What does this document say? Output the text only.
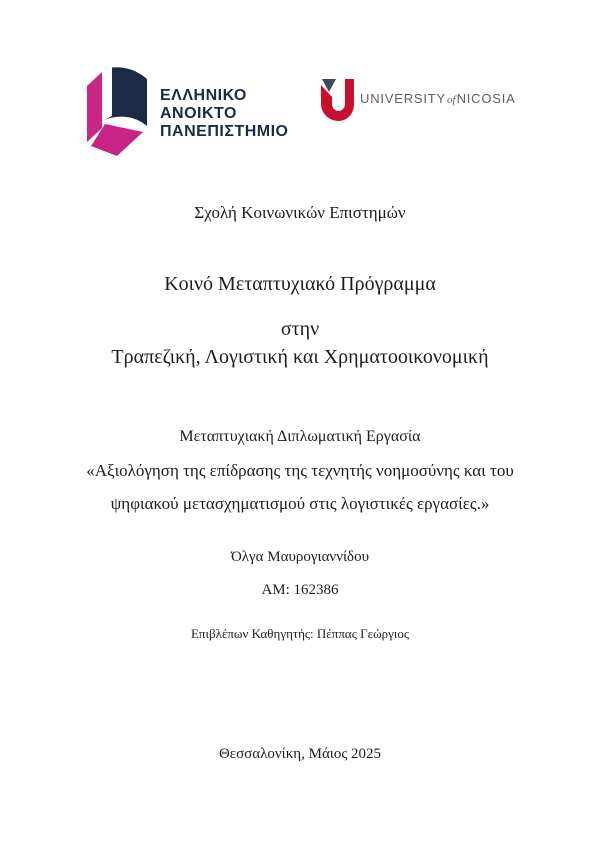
ΕΛΛΗΝΙΚΟ
ΑΝΟΙΚΤΟ
ΠΑΝΕΠΙΣΤΗΜΙΟ
UNIVERSITYofNICOSIA
Σχολή Κοινωνικών Επιστημών
Κοινό Μεταπτυχιακό Πρόγραμμα
στην
Τραπεζική, Λογιστική και Χρηματοοικονομική
Μεταπτυχιακή Διπλωματική Εργασία
«Αξιολόγηση της επίδρασης της τεχνητής νοημοσύνης και του
ψηφιακού μετασχηματισμού στις λογιστικές εργασίες.»
Όλγα Μαυρογιαννίδου
ΑΜ: 162386
Επιβλέπων Καθηγητής: Πέππας Γεώργιος
Θεσσαλονίκη, Μάιος 2025
